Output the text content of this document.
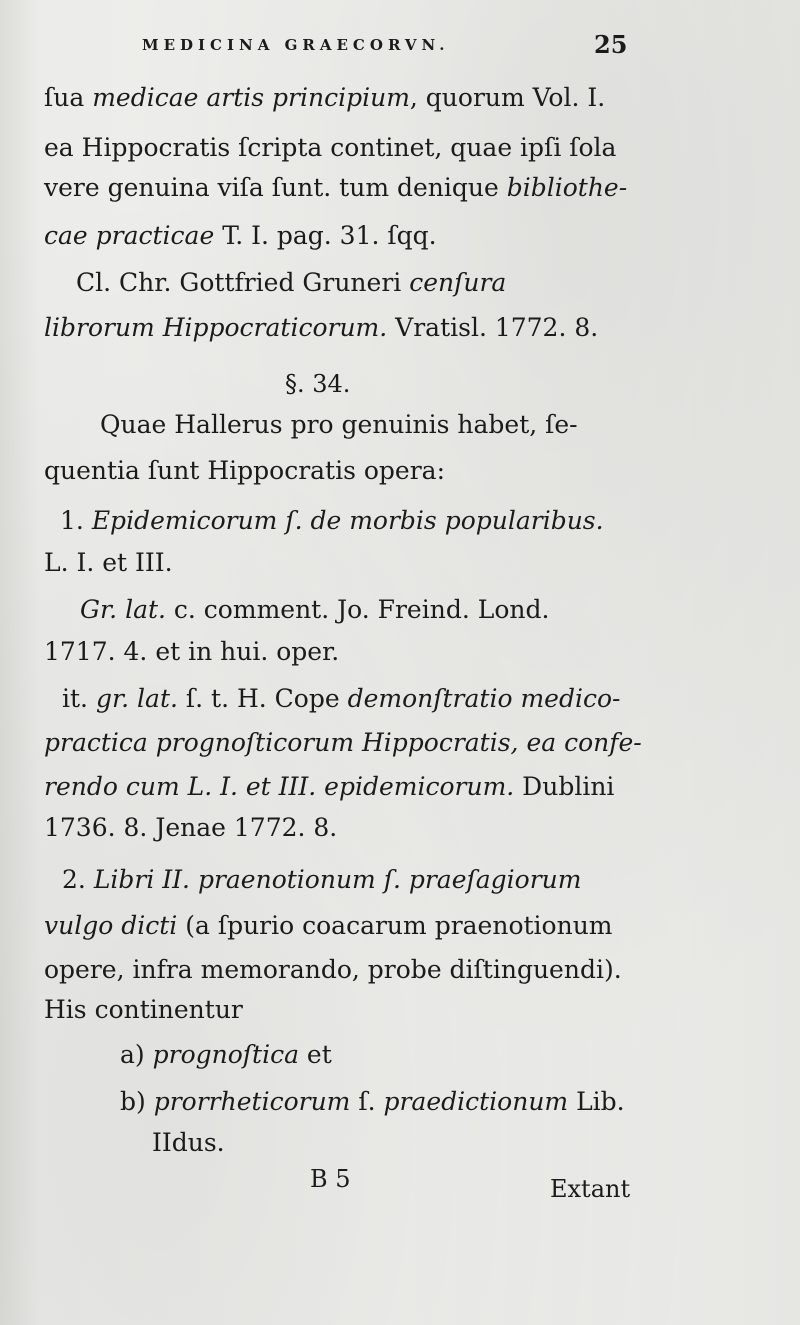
MEDICINA GRAECORVN.	25
ſua medicae artis principium, quorum Vol. I.
ea Hippocratis ſcripta continet, quae ipſi ſola
vere genuina viſa ſunt. tum denique bibliothe-
cae practicae T. I. pag. 31. ſqq.
Cl. Chr. Gottfried Gruneri cenſura
librorum Hippocraticorum. Vratisl. 1772. 8.
§. 34.
Quae Hallerus pro genuinis habet, ſe-
quentia ſunt Hippocratis opera:
1. Epidemicorum ſ. de morbis popularibus.
L. I. et III.
Gr. lat. c. comment. Jo. Freind. Lond.
1717. 4. et in hui. oper.
it. gr. lat. ſ. t. H. Cope demonſtratio medico-
practica prognoſticorum Hippocratis, ea confe-
rendo cum L. I. et III. epidemicorum. Dublini
1736. 8. Jenae 1772. 8.
2. Libri II. praenotionum ſ. praeſagiorum
vulgo dicti (a ſpurio coacarum praenotionum
opere, infra memorando, probe diſtinguendi).
His continentur
a) prognoſtica et
b) prorrheticorum ſ. praedictionum Lib.
IIdus.
B 5	Extant
